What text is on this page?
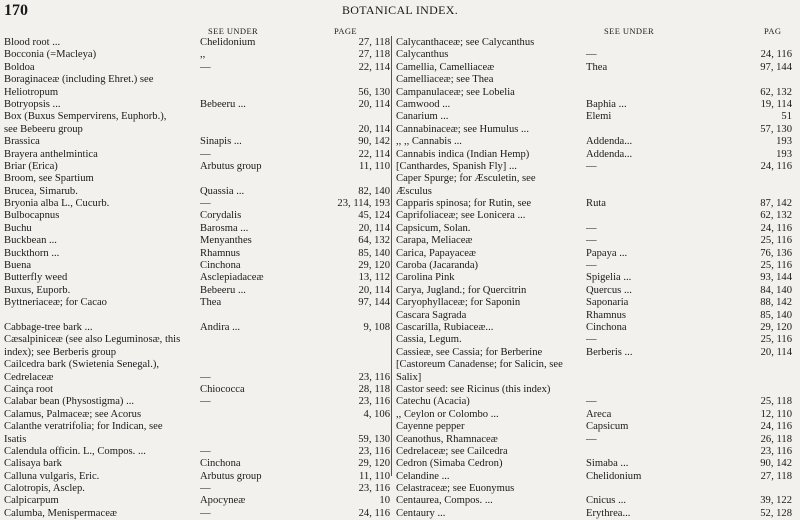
170	BOTANICAL INDEX.
SEE UNDER	PAGE	SEE UNDER	PAG
Blood root ...	Chelidonium	27, 118
Bocconia (=Macleya)	,,	27, 118
Boldoa	—	22, 114
Boraginaceæ (including Ehret.) see
Heliotropum	56, 130
Botryopsis ...	Bebeeru ...	20, 114
Box (Buxus Sempervirens, Euphorb.),
see Bebeeru group	20, 114
Brassica	Sinapis ...	90, 142
Brayera anthelmintica	—	22, 114
Briar (Erica)	Arbutus group	11, 110
Broom, see Spartium
Brucea, Simarub.	Quassia ...	82, 140
Bryonia alba L., Cucurb.	—	23, 114, 193
Bulbocapnus	Corydalis	45, 124
Buchu	Barosma ...	20, 114
Buckbean ...	Menyanthes	64, 132
Buckthorn ...	Rhamnus	85, 140
Buena	Cinchona	29, 120
Butterfly weed	Asclepiadaceæ	13, 112
Buxus, Euporb.	Bebeeru ...	20, 114
Byttneriaceæ; for Cacao	Thea	97, 144
Cabbage-tree bark ...	Andira ...	9, 108
Cæsalpiniceæ (see also Leguminosæ, this
index); see Berberis group
Cailcedra bark (Swietenia Senegal.),
Cedrelaceæ	—	23, 116
Cainça root	Chiococca	28, 118
Calabar bean (Physostigma) ...	—	23, 116
Calamus, Palmaceæ; see Acorus	4, 106
Calanthe veratrifolia; for Indican, see
Isatis	59, 130
Calendula officin. L., Compos. ...	—	23, 116
Calisaya bark	Cinchona	29, 120
Calluna vulgaris, Eric.	Arbutus group	11, 110
Calotropis, Asclep.	—	23, 116
Calpicarpum	Apocyneæ	10
Calumba, Menispermaceæ	—	24, 116
Calycanthaceæ; see Calycanthus
Calycanthus	—	24, 116
Camellia, Camelliaceæ	Thea	97, 144
Camelliaceæ; see Thea
Campanulaceæ; see Lobelia	62, 132
Camwood ...	Baphia ...	19, 114
Canarium ...	Elemi	51
Cannabinaceæ; see Humulus ...	57, 130
,, ,, Cannabis ...	Addenda...	193
Cannabis indica (Indian Hemp)	Addenda...	193
[Canthardes, Spanish Fly] ...	—	24, 116
Caper Spurge; for Æsculetin, see
Æsculus
Capparis spinosa; for Rutin, see	Ruta	87, 142
Caprifoliaceæ; see Lonicera ...	62, 132
Capsicum, Solan.	—	24, 116
Carapa, Meliaceæ	—	25, 116
Carica, Papayaceæ	Papaya ...	76, 136
Caroba (Jacaranda)	—	25, 116
Carolina Pink	Spigelia ...	93, 144
Carya, Jugland.; for Quercitrin	Quercus ...	84, 140
Caryophyllaceæ; for Saponin	Saponaria	88, 142
Cascara Sagrada	Rhamnus	85, 140
Cascarilla, Rubiaceæ...	Cinchona	29, 120
Cassia, Legum.	—	25, 116
Cassieæ, see Cassia; for Berberine	Berberis ...	20, 114
[Castoreum Canadense; for Salicin, see
Salix]
Castor seed: see Ricinus (this index)
Catechu (Acacia)	—	25, 118
,, Ceylon or Colombo ...	Areca	12, 110
Cayenne pepper	Capsicum	24, 116
Ceanothus, Rhamnaceæ	—	26, 118
Cedrelaceæ; see Cailcedra	23, 116
Cedron (Simaba Cedron)	Simaba ...	90, 142
Celandine ...	Chelidonium	27, 118
Celastraceæ; see Euonymus
Centaurea, Compos. ...	Cnicus ...	39, 122
Centaury ...	Erythrea...	52, 128
